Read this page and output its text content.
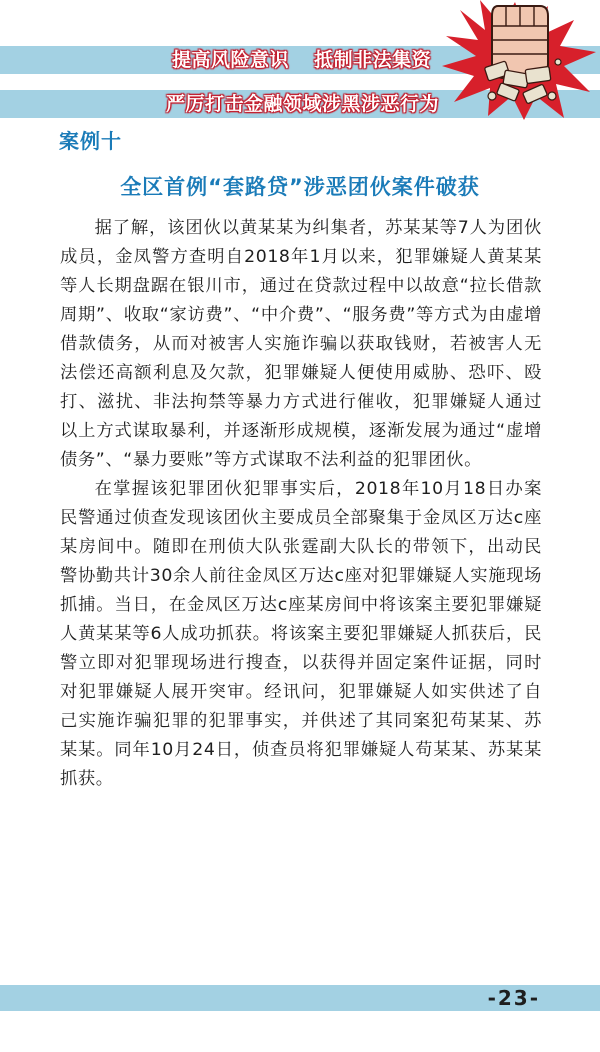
提高风险意识 抵制非法集资
严厉打击金融领域涉黑涉恶行为
案例十
全区首例“套路贷”涉恶团伙案件破获

据了解，该团伙以黄某某为纠集者，苏某某等7人为团伙成员，金凤警方查明自2018年1月以来，犯罪嫌疑人黄某某等人长期盘踞在银川市，通过在贷款过程中以故意“拉长借款周期”、收取“家访费”、“中介费”、“服务费”等方式为由虚增借款债务，从而对被害人实施诈骗以获取钱财，若被害人无法偿还高额利息及欠款，犯罪嫌疑人便使用威胁、恐吓、殴打、滋扰、非法拘禁等暴力方式进行催收，犯罪嫌疑人通过以上方式谋取暴利，并逐渐形成规模，逐渐发展为通过“虚增债务”、“暴力要账”等方式谋取不法利益的犯罪团伙。

在掌握该犯罪团伙犯罪事实后，2018年10月18日办案民警通过侦查发现该团伙主要成员全部聚集于金凤区万达c座某房间中。随即在刑侦大队张霆副大队长的带领下，出动民警协勤共计30余人前往金凤区万达c座对犯罪嫌疑人实施现场抓捕。当日，在金凤区万达c座某房间中将该案主要犯罪嫌疑人黄某某等6人成功抓获。将该案主要犯罪嫌疑人抓获后，民警立即对犯罪现场进行搜查，以获得并固定案件证据，同时对犯罪嫌疑人展开突审。经讯问，犯罪嫌疑人如实供述了自己实施诈骗犯罪的犯罪事实，并供述了其同案犯苟某某、苏某某。同年10月24日，侦查员将犯罪嫌疑人苟某某、苏某某抓获。

-23-
